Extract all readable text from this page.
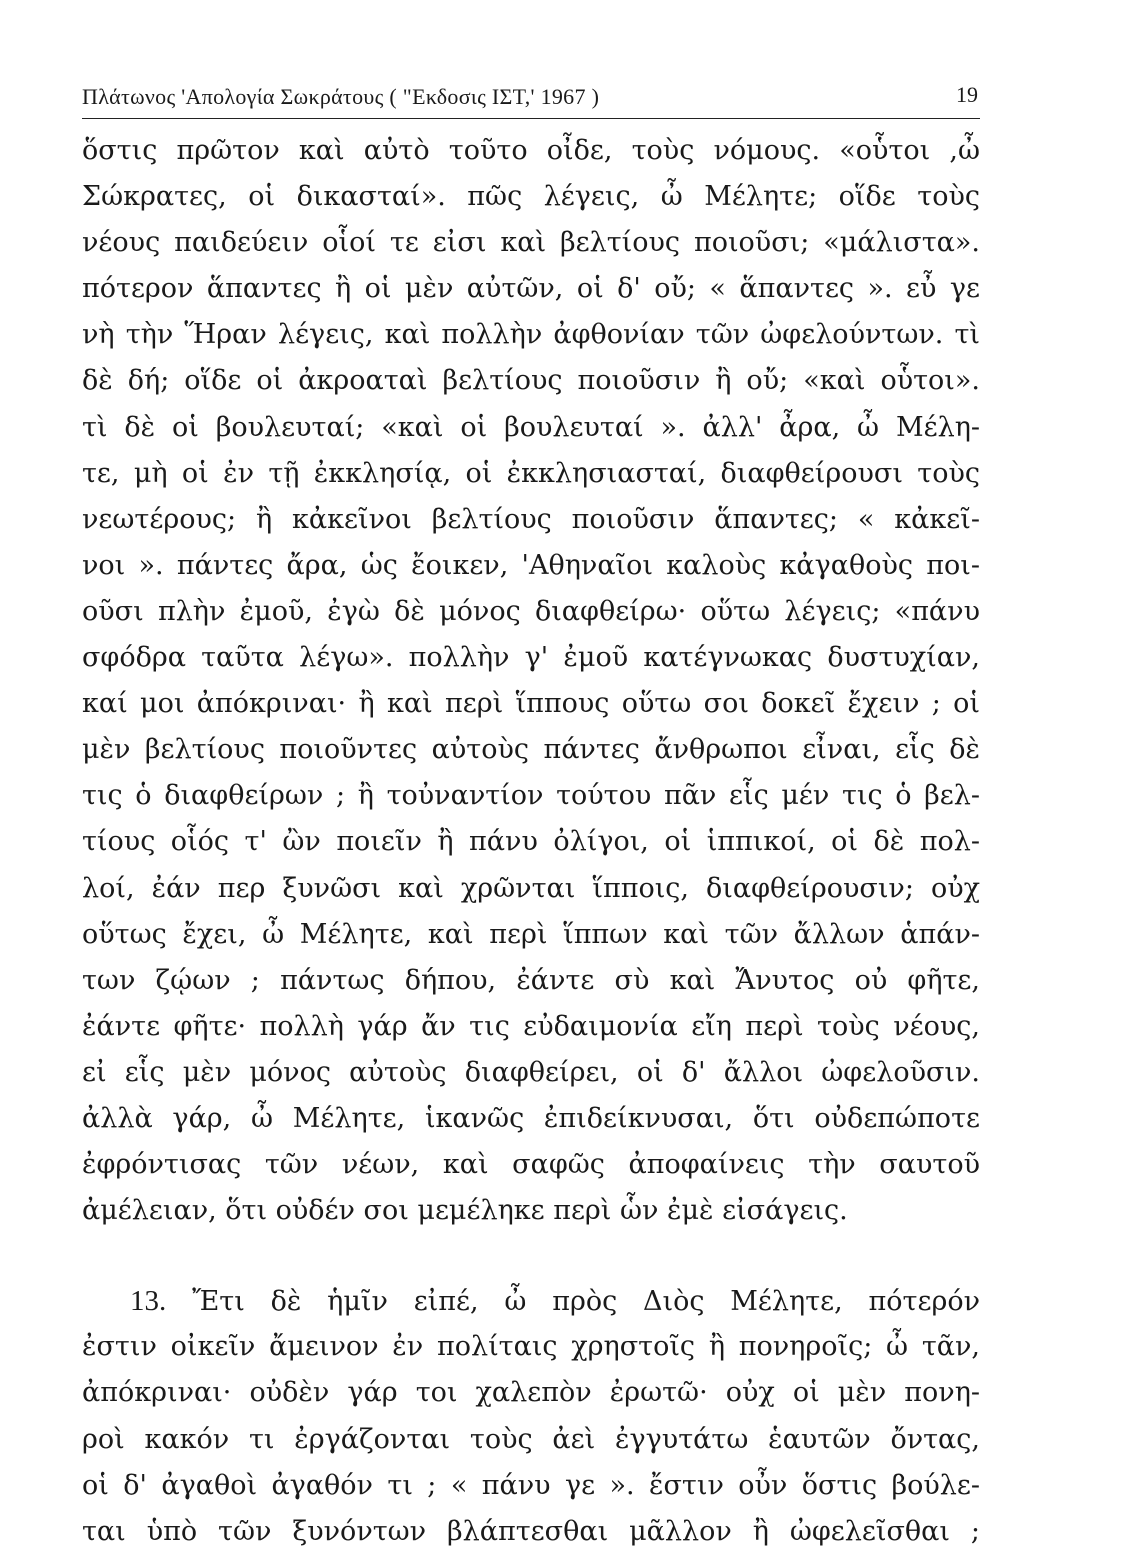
Πλάτωνος 'Απολογία Σωκράτους ( "Εκδοσις ΙΣΤ,' 1967 )	19
ὅστις πρῶτον καὶ αὐτὸ τοῦτο οἶδε, τοὺς νόμους. «οὗτοι ,ὦ
Σώκρατες, οἱ δικασταί». πῶς λέγεις, ὦ Μέλητε; οἵδε τοὺς
νέους παιδεύειν οἷοί τε εἰσι καὶ βελτίους ποιοῦσι; «μάλιστα».
πότερον ἅπαντες ἢ οἱ μὲν αὐτῶν, οἱ δ' οὔ; « ἅπαντες ». εὖ γε
νὴ τὴν Ἥραν λέγεις, καὶ πολλὴν ἀφθονίαν τῶν ὠφελούντων. τὶ
δὲ δή; οἵδε οἱ ἀκροαταὶ βελτίους ποιοῦσιν ἢ οὔ; «καὶ οὗτοι».
τὶ δὲ οἱ βουλευταί; «καὶ οἱ βουλευταί ». ἀλλ' ἆρα, ὦ Μέλη-
τε, μὴ οἱ ἐν τῇ ἐκκλησίᾳ, οἱ ἐκκλησιασταί, διαφθείρουσι τοὺς
νεωτέρους; ἢ κἀκεῖνοι βελτίους ποιοῦσιν ἅπαντες; « κἀκεῖ-
νοι ». πάντες ἄρα, ὡς ἔοικεν, 'Αθηναῖοι καλοὺς κἀγαθοὺς ποι-
οῦσι πλὴν ἐμοῦ, ἐγὼ δὲ μόνος διαφθείρω· οὕτω λέγεις; «πάνυ
σφόδρα ταῦτα λέγω». πολλὴν γ' ἐμοῦ κατέγνωκας δυστυχίαν,
καί μοι ἀπόκριναι· ἢ καὶ περὶ ἵππους οὕτω σοι δοκεῖ ἔχειν ; οἱ
μὲν βελτίους ποιοῦντες αὐτοὺς πάντες ἄνθρωποι εἶναι, εἷς δὲ
τις ὁ διαφθείρων ; ἢ τοὐναντίον τούτου πᾶν εἷς μέν τις ὁ βελ-
τίους οἷός τ' ὢν ποιεῖν ἢ πάνυ ὀλίγοι, οἱ ἱππικοί, οἱ δὲ πολ-
λοί, ἐάν περ ξυνῶσι καὶ χρῶνται ἵπποις, διαφθείρουσιν; οὐχ
οὕτως ἔχει, ὦ Μέλητε, καὶ περὶ ἵππων καὶ τῶν ἄλλων ἁπάν-
των ζῴων ; πάντως δήπου, ἐάντε σὺ καὶ Ἄνυτος οὐ φῆτε,
ἐάντε φῆτε· πολλὴ γάρ ἄν τις εὐδαιμονία εἴη περὶ τοὺς νέους,
εἰ εἷς μὲν μόνος αὐτοὺς διαφθείρει, οἱ δ' ἄλλοι ὠφελοῦσιν.
ἀλλὰ γάρ, ὦ Μέλητε, ἱκανῶς ἐπιδείκνυσαι, ὅτι οὐδεπώποτε
ἐφρόντισας τῶν νέων, καὶ σαφῶς ἀποφαίνεις τὴν σαυτοῦ
ἀμέλειαν, ὅτι οὐδέν σοι μεμέληκε περὶ ὧν ἐμὲ εἰσάγεις.
13. Ἔτι δὲ ἡμῖν εἰπέ, ὦ πρὸς Διὸς Μέλητε, πότερόν
ἐστιν οἰκεῖν ἄμεινον ἐν πολίταις χρηστοῖς ἢ πονηροῖς; ὦ τᾶν,
ἀπόκριναι· οὐδὲν γάρ τοι χαλεπὸν ἐρωτῶ· οὐχ οἱ μὲν πονη-
ροὶ κακόν τι ἐργάζονται τοὺς ἀεὶ ἐγγυτάτω ἑαυτῶν ὄντας,
οἱ δ' ἀγαθοὶ ἀγαθόν τι ; « πάνυ γε ». ἔστιν οὖν ὅστις βούλε-
ται ὑπὸ τῶν ξυνόντων βλάπτεσθαι μᾶλλον ἢ ὠφελεῖσθαι ;
